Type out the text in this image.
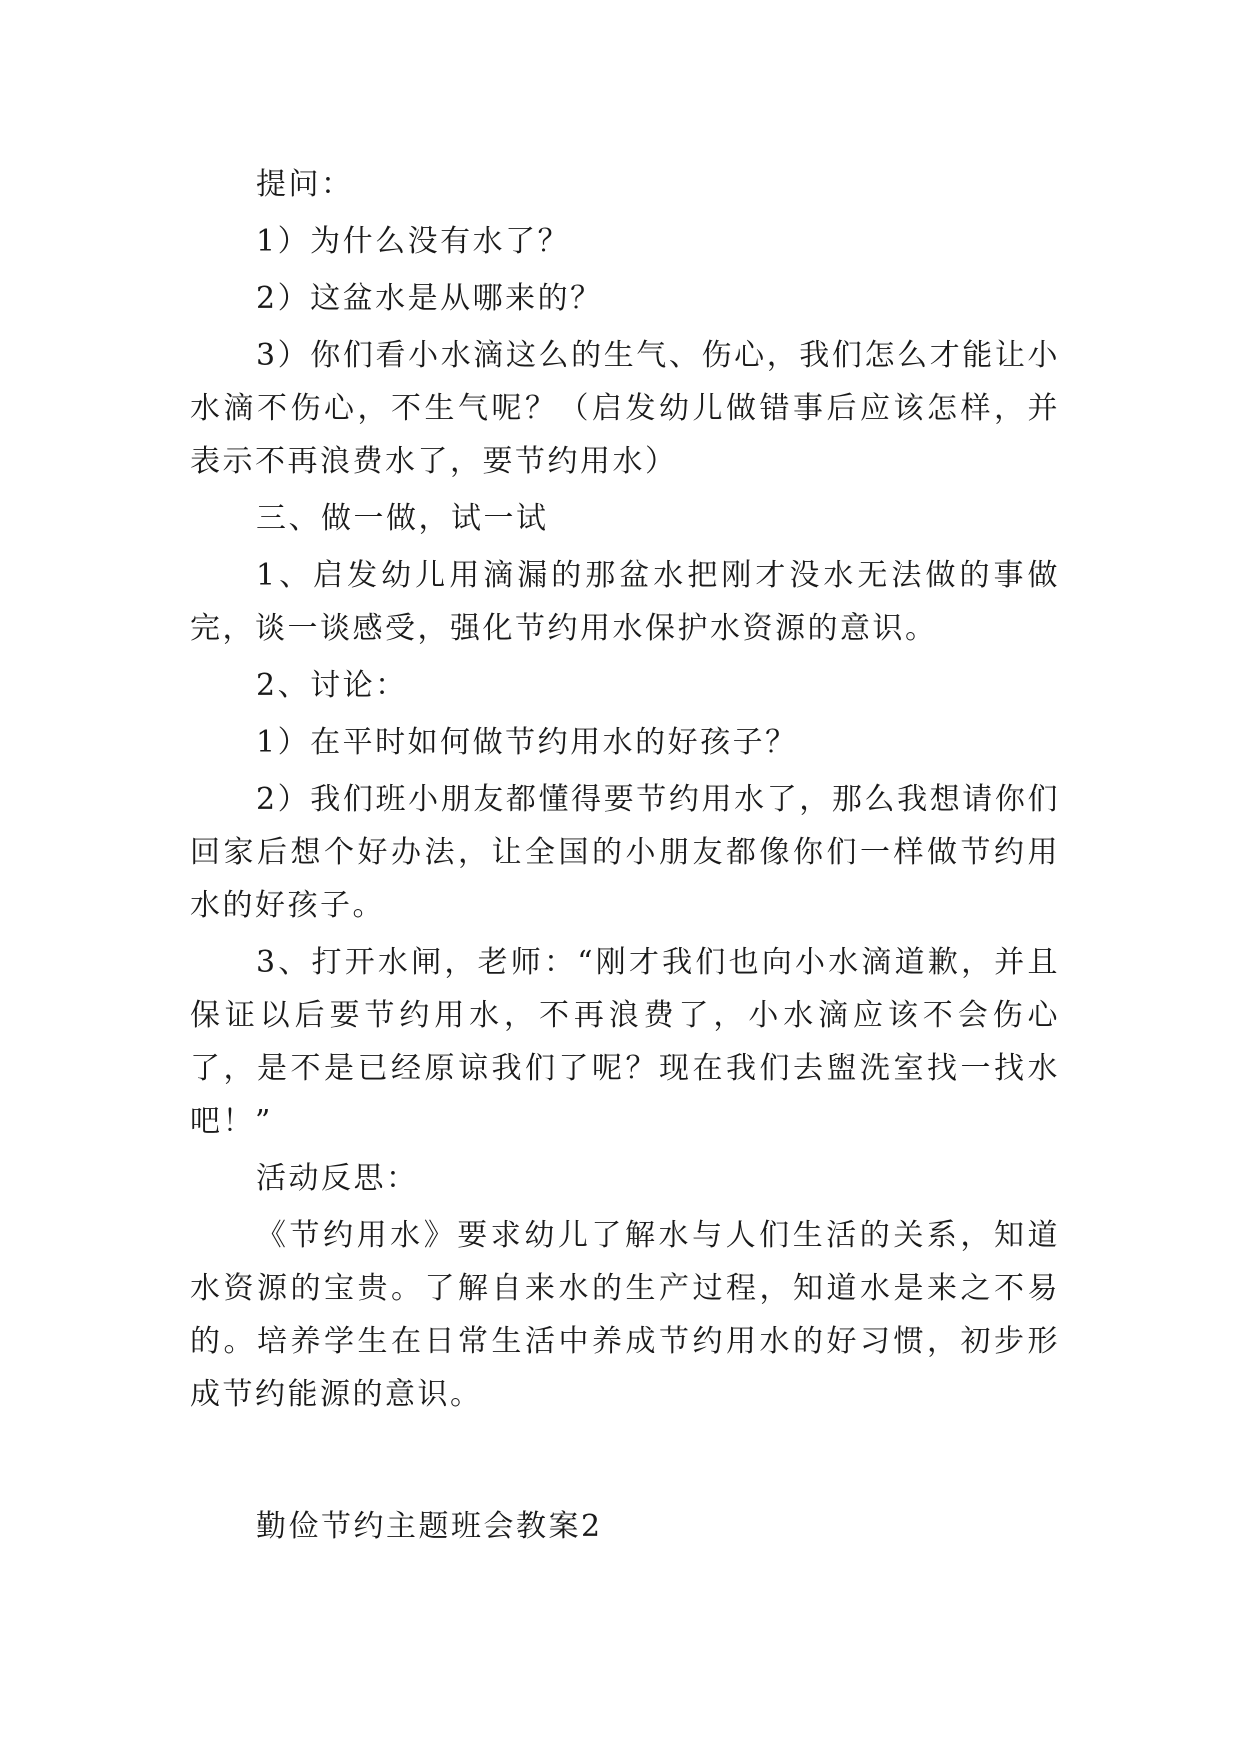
提问：

1）为什么没有水了？

2）这盆水是从哪来的？

3）你们看小水滴这么的生气、伤心，我们怎么才能让小水滴不伤心，不生气呢？（启发幼儿做错事后应该怎样，并表示不再浪费水了，要节约用水）

三、做一做，试一试

1、启发幼儿用滴漏的那盆水把刚才没水无法做的事做完，谈一谈感受，强化节约用水保护水资源的意识。

2、讨论：

1）在平时如何做节约用水的好孩子？

2）我们班小朋友都懂得要节约用水了，那么我想请你们回家后想个好办法，让全国的小朋友都像你们一样做节约用水的好孩子。

3、打开水闸，老师：“刚才我们也向小水滴道歉，并且保证以后要节约用水，不再浪费了，小水滴应该不会伤心了，是不是已经原谅我们了呢？现在我们去盥洗室找一找水吧！”

活动反思：

《节约用水》要求幼儿了解水与人们生活的关系，知道水资源的宝贵。了解自来水的生产过程，知道水是来之不易的。培养学生在日常生活中养成节约用水的好习惯，初步形成节约能源的意识。

勤俭节约主题班会教案2
